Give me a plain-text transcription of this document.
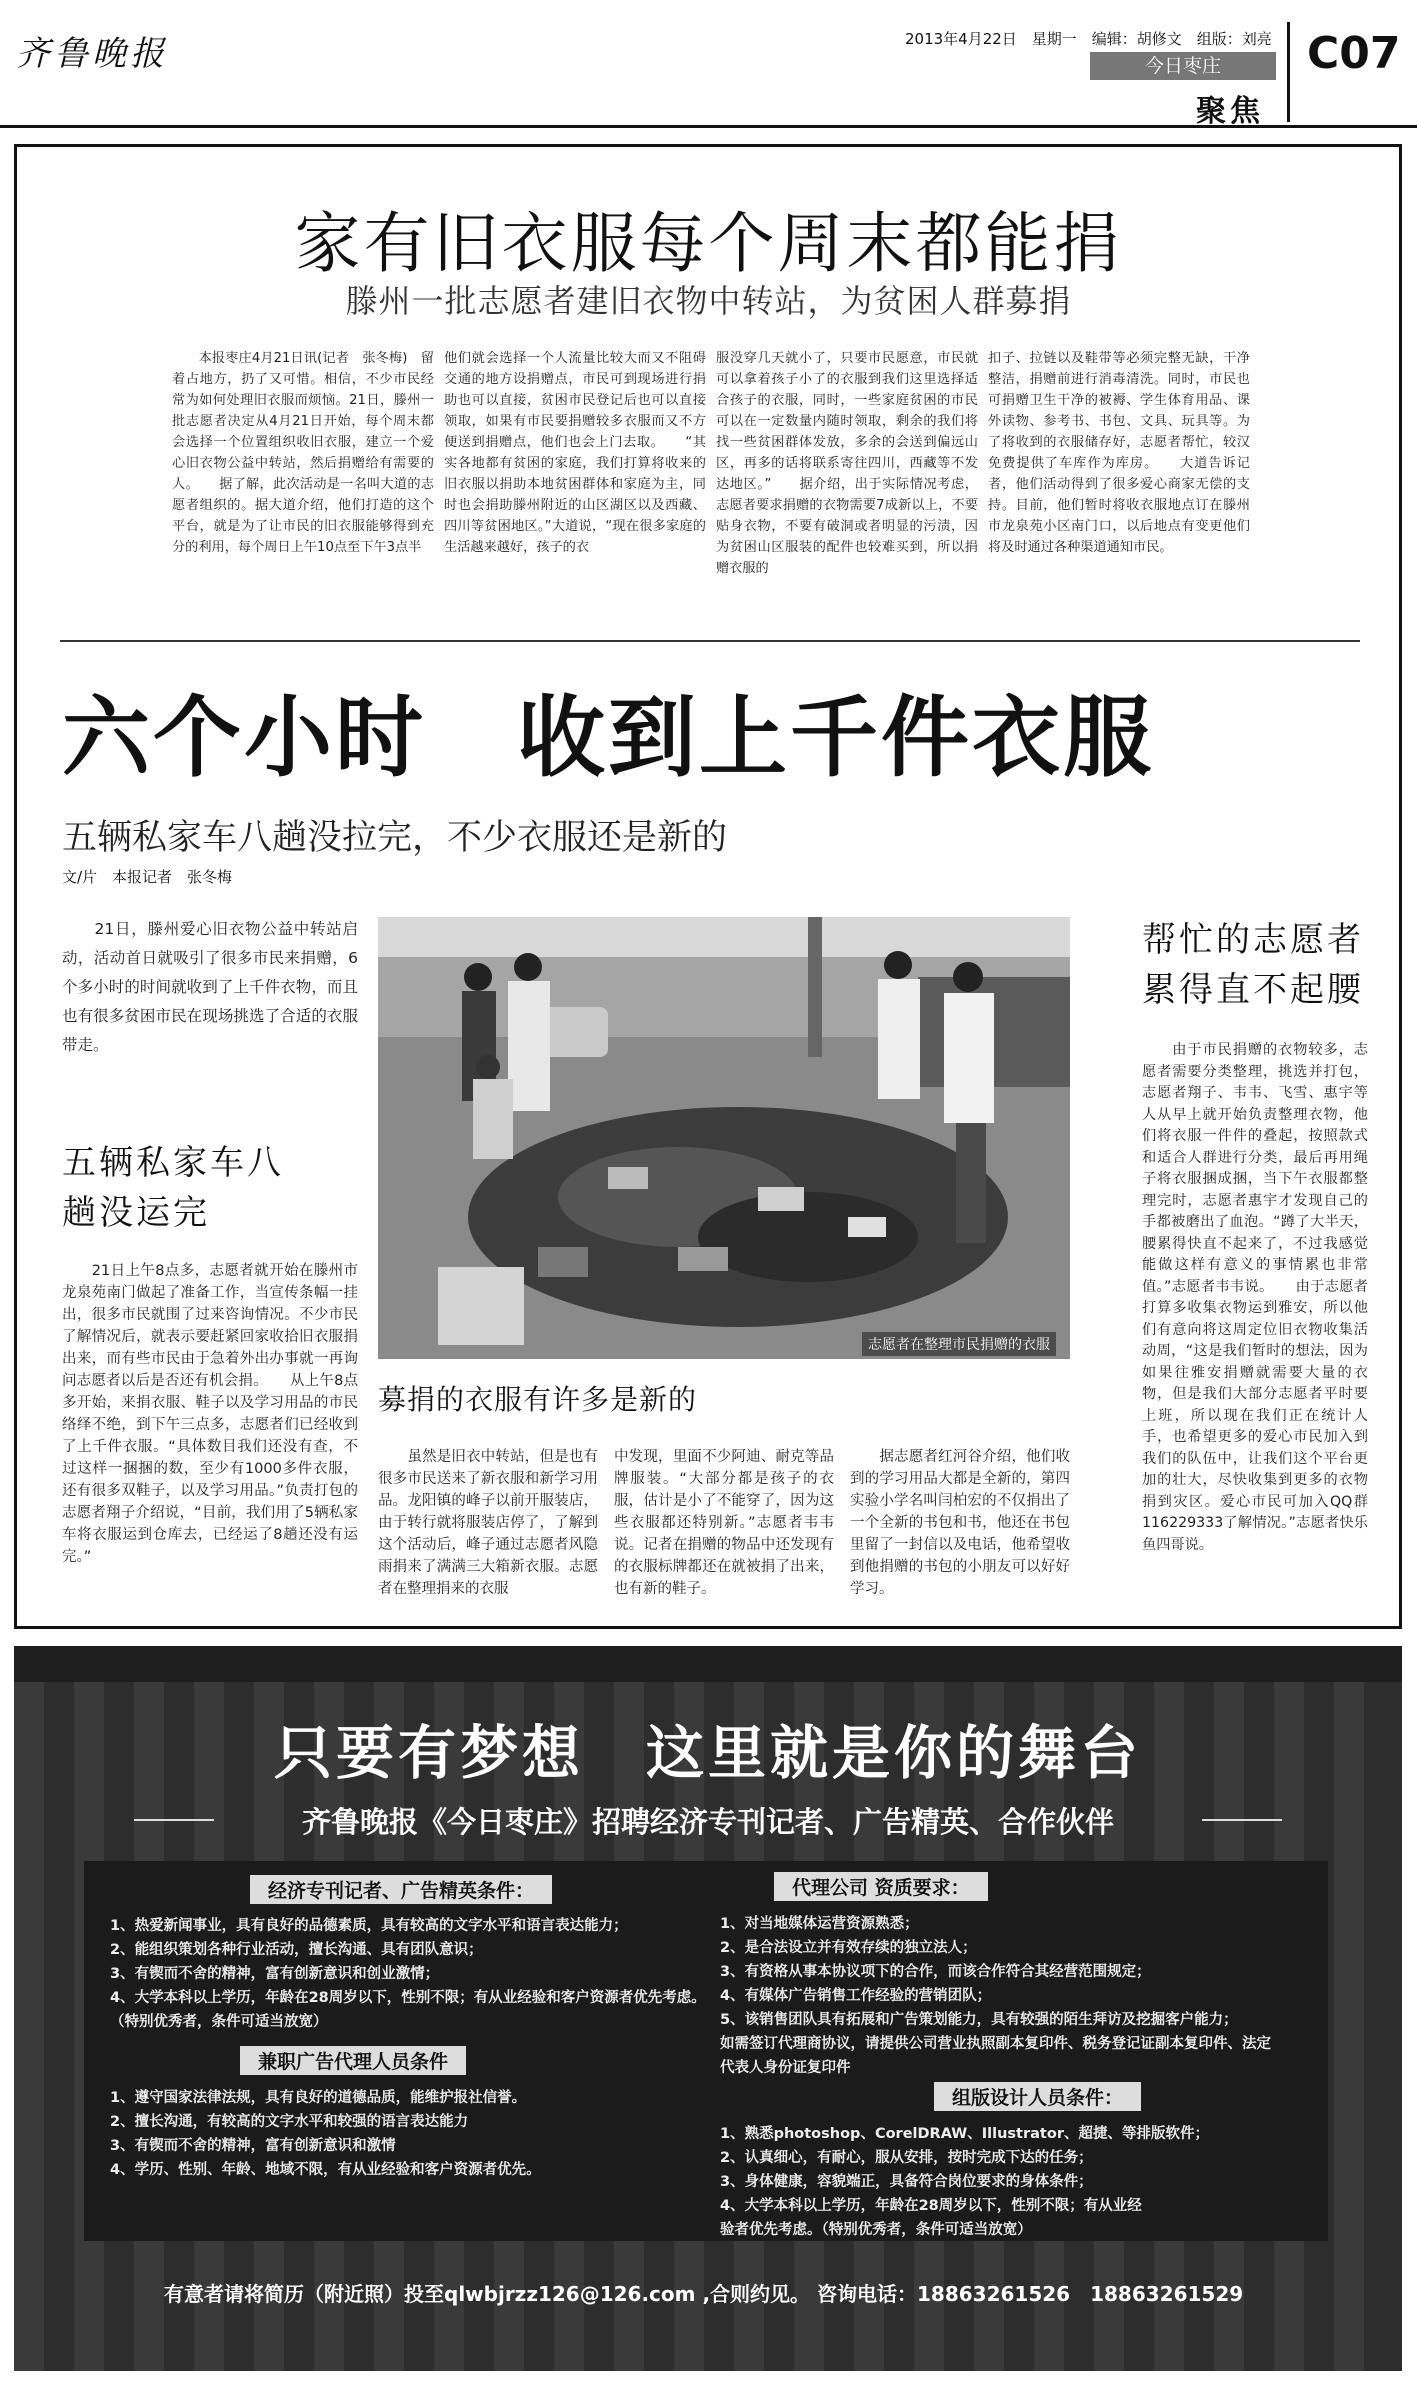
齐鲁晚报	2013年4月22日　星期一　编辑：胡修文　组版：刘亮
今日枣庄
聚焦
C07
家有旧衣服每个周末都能捐
滕州一批志愿者建旧衣物中转站，为贫困人群募捐
　　本报枣庄4月21日讯(记者　张冬梅)　留着占地方，扔了又可惜。相信，不少市民经常为如何处理旧衣服而烦恼。21日，滕州一批志愿者决定从4月21日开始，每个周末都会选择一个位置组织收旧衣服，建立一个爱心旧衣物公益中转站，然后捐赠给有需要的人。　　据了解，此次活动是一名叫大道的志愿者组织的。据大道介绍，他们打造的这个平台，就是为了让市民的旧衣服能够得到充分的利用，每个周日上午10点至下午3点半
他们就会选择一个人流量比较大而又不阻碍交通的地方设捐赠点，市民可到现场进行捐助也可以直接，贫困市民登记后也可以直接领取，如果有市民要捐赠较多衣服而又不方便送到捐赠点，他们也会上门去取。　　“其实各地都有贫困的家庭，我们打算将收来的旧衣服以捐助本地贫困群体和家庭为主，同时也会捐助滕州附近的山区湖区以及西藏、四川等贫困地区。”大道说，“现在很多家庭的生活越来越好，孩子的衣
服没穿几天就小了，只要市民愿意，市民就可以拿着孩子小了的衣服到我们这里选择适合孩子的衣服，同时，一些家庭贫困的市民可以在一定数量内随时领取，剩余的我们将找一些贫困群体发放，多余的会送到偏远山区，再多的话将联系寄往四川，西藏等不发达地区。”　　据介绍，出于实际情况考虑，志愿者要求捐赠的衣物需要7成新以上，不要贴身衣物，不要有破洞或者明显的污渍，因为贫困山区服装的配件也较难买到，所以捐赠衣服的
扣子、拉链以及鞋带等必须完整无缺，干净整洁，捐赠前进行消毒清洗。同时，市民也可捐赠卫生干净的被褥、学生体育用品、课外读物、参考书、书包、文具、玩具等。为了将收到的衣服储存好，志愿者帮忙，较汉免费提供了车库作为库房。　　大道告诉记者，他们活动得到了很多爱心商家无偿的支持。目前，他们暂时将收衣服地点订在滕州市龙泉苑小区南门口，以后地点有变更他们将及时通过各种渠道通知市民。
六个小时　收到上千件衣服
五辆私家车八趟没拉完，不少衣服还是新的
文/片　本报记者　张冬梅
　　21日，滕州爱心旧衣物公益中转站启动，活动首日就吸引了很多市民来捐赠，6个多小时的时间就收到了上千件衣物，而且也有很多贫困市民在现场挑选了合适的衣服带走。
五辆私家车八趟没运完
　　21日上午8点多，志愿者就开始在滕州市龙泉苑南门做起了准备工作，当宣传条幅一挂出，很多市民就围了过来咨询情况。不少市民了解情况后，就表示要赶紧回家收拾旧衣服捐出来，而有些市民由于急着外出办事就一再询问志愿者以后是否还有机会捐。　　从上午8点多开始，来捐衣服、鞋子以及学习用品的市民络绎不绝，到下午三点多，志愿者们已经收到了上千件衣服。“具体数目我们还没有查，不过这样一捆捆的数，至少有1000多件衣服，还有很多双鞋子，以及学习用品。”负责打包的志愿者翔子介绍说，“目前，我们用了5辆私家车将衣服运到仓库去，已经运了8趟还没有运完。”
志愿者在整理市民捐赠的衣服
募捐的衣服有许多是新的
　　虽然是旧衣中转站，但是也有很多市民送来了新衣服和新学习用品。龙阳镇的峰子以前开服装店，由于转行就将服装店停了，了解到这个活动后，峰子通过志愿者风隐雨捐来了满满三大箱新衣服。志愿者在整理捐来的衣服
中发现，里面不少阿迪、耐克等品牌服装。“大部分都是孩子的衣服，估计是小了不能穿了，因为这些衣服都还特别新。”志愿者韦韦说。记者在捐赠的物品中还发现有的衣服标牌都还在就被捐了出来，也有新的鞋子。
　　据志愿者红河谷介绍，他们收到的学习用品大都是全新的，第四实验小学名叫闫柏宏的不仅捐出了一个全新的书包和书，他还在书包里留了一封信以及电话，他希望收到他捐赠的书包的小朋友可以好好学习。
帮忙的志愿者累得直不起腰
　　由于市民捐赠的衣物较多，志愿者需要分类整理，挑选并打包，志愿者翔子、韦韦、飞雪、惠宇等人从早上就开始负责整理衣物，他们将衣服一件件的叠起，按照款式和适合人群进行分类，最后再用绳子将衣服捆成捆，当下午衣服都整理完时，志愿者惠宇才发现自己的手都被磨出了血泡。“蹲了大半天，腰累得快直不起来了，不过我感觉能做这样有意义的事情累也非常值。”志愿者韦韦说。　　由于志愿者打算多收集衣物运到雅安，所以他们有意向将这周定位旧衣物收集活动周，“这是我们暂时的想法，因为如果往雅安捐赠就需要大量的衣物，但是我们大部分志愿者平时要上班，所以现在我们正在统计人手，也希望更多的爱心市民加入到我们的队伍中，让我们这个平台更加的壮大，尽快收集到更多的衣物捐到灾区。爱心市民可加入QQ群116229333了解情况。”志愿者快乐鱼四哥说。
只要有梦想　这里就是你的舞台
齐鲁晚报《今日枣庄》招聘经济专刊记者、广告精英、合作伙伴
经济专刊记者、广告精英条件：
1、热爱新闻事业，具有良好的品德素质，具有较高的文字水平和语言表达能力；
2、能组织策划各种行业活动，擅长沟通、具有团队意识；
3、有锲而不舍的精神，富有创新意识和创业激情；
4、大学本科以上学历，年龄在28周岁以下，性别不限；有从业经验和客户资源者优先考虑。
（特别优秀者，条件可适当放宽）
兼职广告代理人员条件
1、遵守国家法律法规，具有良好的道德品质，能维护报社信誉。
2、擅长沟通，有较高的文字水平和较强的语言表达能力
3、有锲而不舍的精神，富有创新意识和激情
4、学历、性别、年龄、地域不限，有从业经验和客户资源者优先。
代理公司 资质要求：
1、对当地媒体运营资源熟悉；
2、是合法设立并有效存续的独立法人；
3、有资格从事本协议项下的合作，而该合作符合其经营范围规定；
4、有媒体广告销售工作经验的营销团队；
5、该销售团队具有拓展和广告策划能力，具有较强的陌生拜访及挖掘客户能力；
如需签订代理商协议，请提供公司营业执照副本复印件、税务登记证副本复印件、法定
代表人身份证复印件
组版设计人员条件：
1、熟悉photoshop、CorelDRAW、Illustrator、超捷、等排版软件；
2、认真细心，有耐心，服从安排，按时完成下达的任务；
3、身体健康，容貌端正，具备符合岗位要求的身体条件；
4、大学本科以上学历，年龄在28周岁以下，性别不限；有从业经
验者优先考虑。（特别优秀者，条件可适当放宽）
有意者请将简历（附近照）投至qlwbjrzz126@126.com ,合则约见。 咨询电话：18863261526　18863261529
